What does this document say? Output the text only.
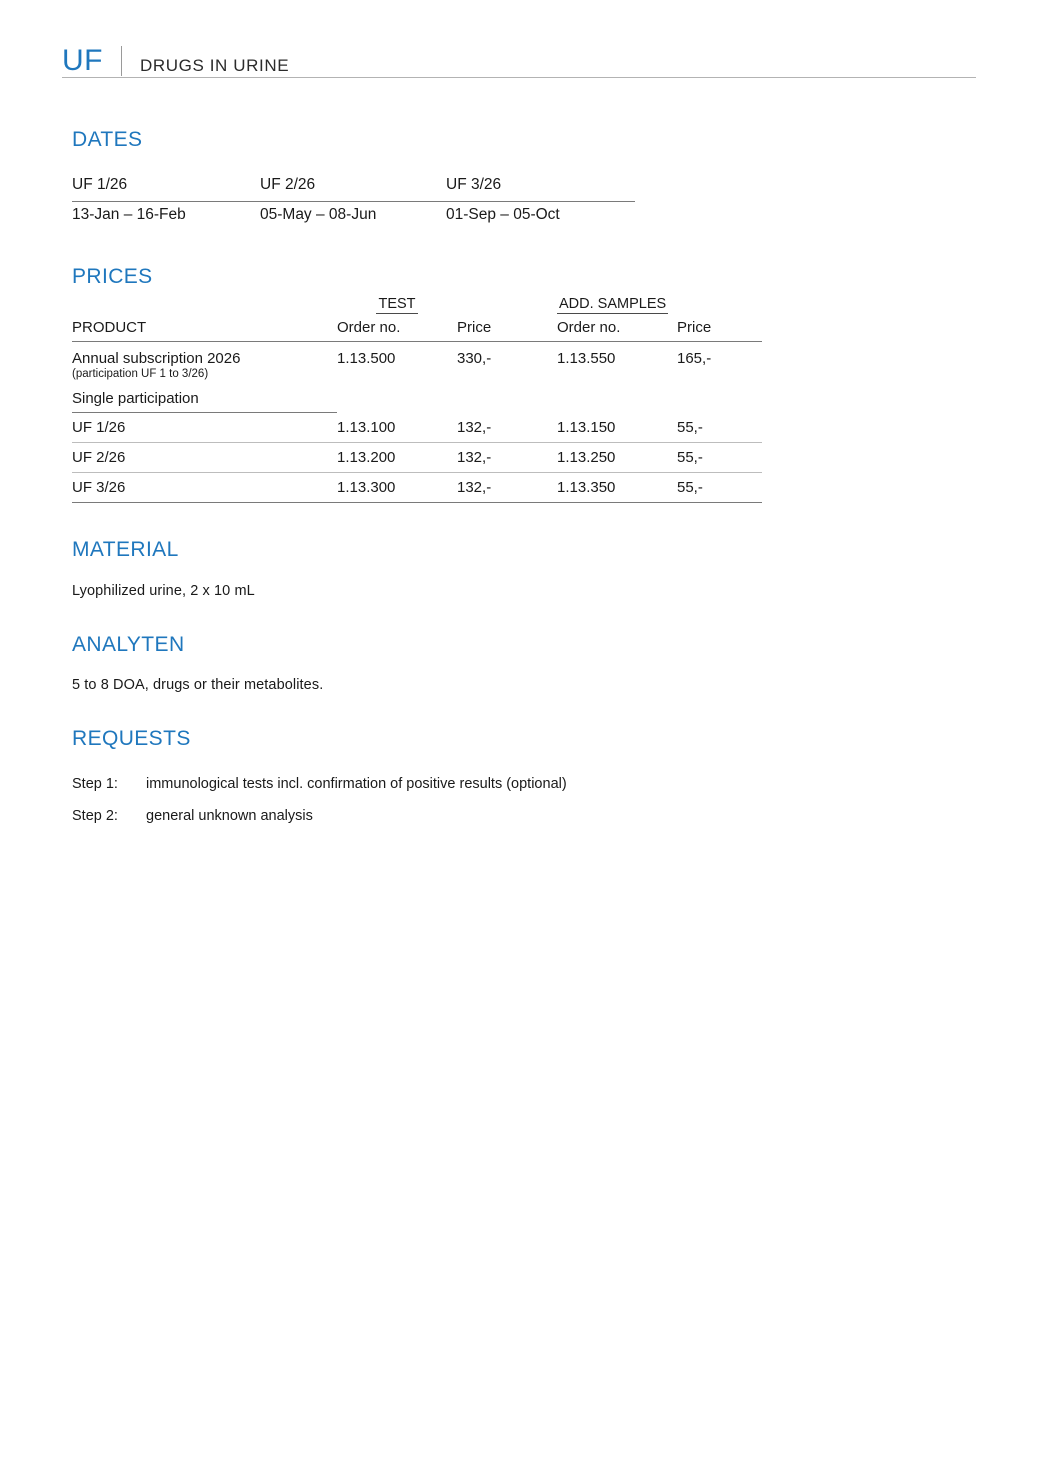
UF DRUGS IN URINE
DATES
UF 1/26	UF 2/26	UF 3/26
13-Jan – 16-Feb	05-May – 08-Jun	01-Sep – 05-Oct
PRICES
	TEST		ADD. SAMPLES	
PRODUCT	Order no.	Price	Order no.	Price
Annual subscription 2026	1.13.500	330,-	1.13.550	165,-
(participation UF 1 to 3/26)				
Single participation				
UF 1/26	1.13.100	132,-	1.13.150	55,-
UF 2/26	1.13.200	132,-	1.13.250	55,-
UF 3/26	1.13.300	132,-	1.13.350	55,-
MATERIAL
Lyophilized urine, 2 x 10 mL
ANALYTEN
5 to 8 DOA, drugs or their metabolites.
REQUESTS
Step 1:	immunological tests incl. confirmation of positive results (optional)
Step 2:	general unknown analysis
